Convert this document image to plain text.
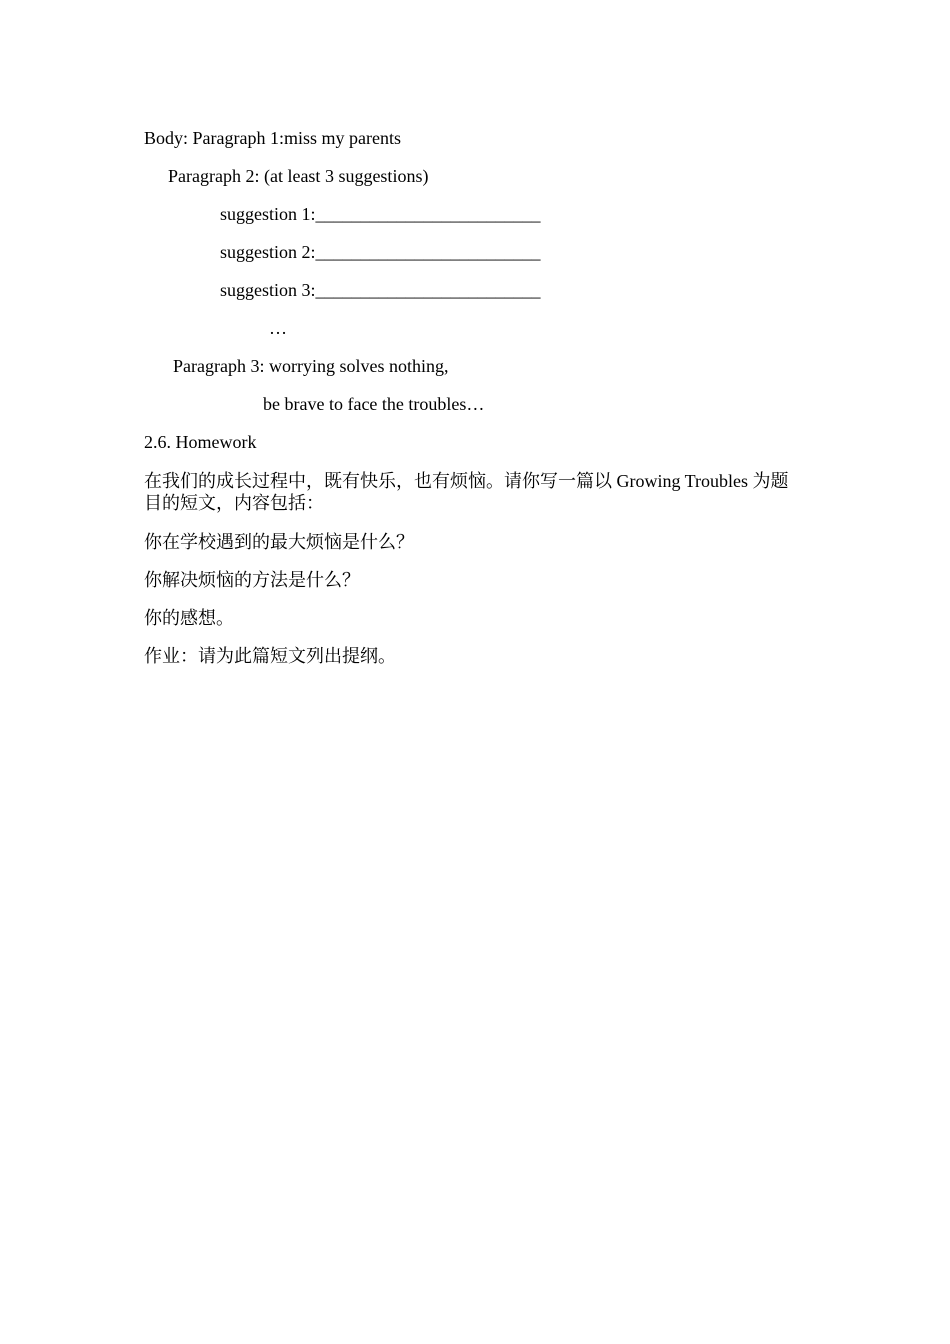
Body: Paragraph 1:miss my parents
Paragraph 2: (at least 3 suggestions)
suggestion 1:_________________________
suggestion 2:_________________________
suggestion 3:_________________________
…
Paragraph 3: worrying solves nothing,
be brave to face the troubles…
2.6. Homework
在我们的成长过程中，既有快乐，也有烦恼。请你写一篇以 Growing Troubles 为题目的短文，内容包括：
你在学校遇到的最大烦恼是什么？
你解决烦恼的方法是什么？
你的感想。
作业：请为此篇短文列出提纲。
